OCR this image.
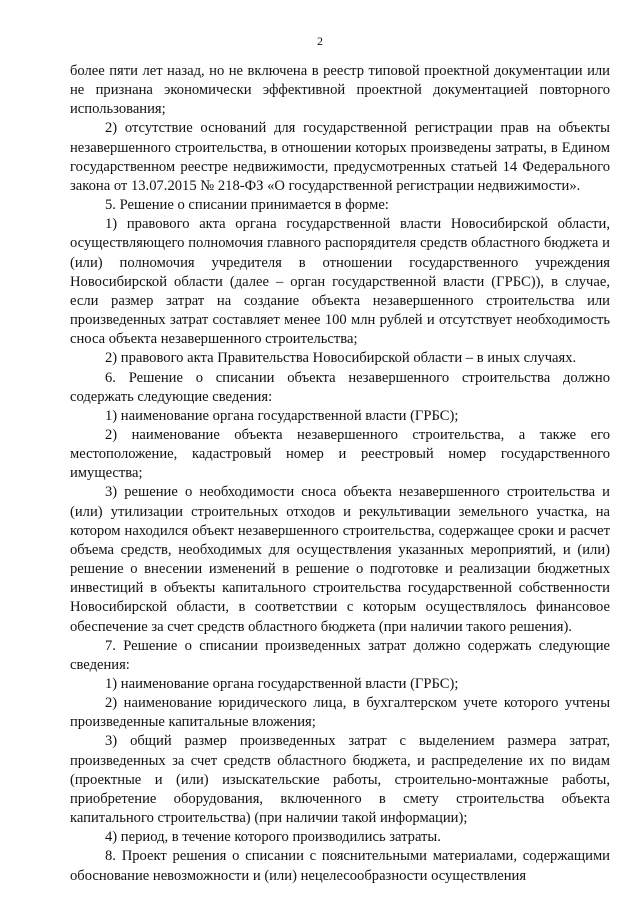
2

более пяти лет назад, но не включена в реестр типовой проектной документации или не признана экономически эффективной проектной документацией повторного использования;

2) отсутствие оснований для государственной регистрации прав на объекты незавершенного строительства, в отношении которых произведены затраты, в Едином государственном реестре недвижимости, предусмотренных статьей 14 Федерального закона от 13.07.2015 № 218-ФЗ «О государственной регистрации недвижимости».

5. Решение о списании принимается в форме:

1) правового акта органа государственной власти Новосибирской области, осуществляющего полномочия главного распорядителя средств областного бюджета и (или) полномочия учредителя в отношении государственного учреждения Новосибирской области (далее – орган государственной власти (ГРБС)), в случае, если размер затрат на создание объекта незавершенного строительства или произведенных затрат составляет менее 100 млн рублей и отсутствует необходимость сноса объекта незавершенного строительства;

2) правового акта Правительства Новосибирской области – в иных случаях.

6. Решение о списании объекта незавершенного строительства должно содержать следующие сведения:

1) наименование органа государственной власти (ГРБС);

2) наименование объекта незавершенного строительства, а также его местоположение, кадастровый номер и реестровый номер государственного имущества;

3) решение о необходимости сноса объекта незавершенного строительства и (или) утилизации строительных отходов и рекультивации земельного участка, на котором находился объект незавершенного строительства, содержащее сроки и расчет объема средств, необходимых для осуществления указанных мероприятий, и (или) решение о внесении изменений в решение о подготовке и реализации бюджетных инвестиций в объекты капитального строительства государственной собственности Новосибирской области, в соответствии с которым осуществлялось финансовое обеспечение за счет средств областного бюджета (при наличии такого решения).

7. Решение о списании произведенных затрат должно содержать следующие сведения:

1) наименование органа государственной власти (ГРБС);

2) наименование юридического лица, в бухгалтерском учете которого учтены произведенные капитальные вложения;

3) общий размер произведенных затрат с выделением размера затрат, произведенных за счет средств областного бюджета, и распределение их по видам (проектные и (или) изыскательские работы, строительно-монтажные работы, приобретение оборудования, включенного в смету строительства объекта капитального строительства) (при наличии такой информации);

4) период, в течение которого производились затраты.

8. Проект решения о списании с пояснительными материалами, содержащими обоснование невозможности и (или) нецелесообразности осуществления
